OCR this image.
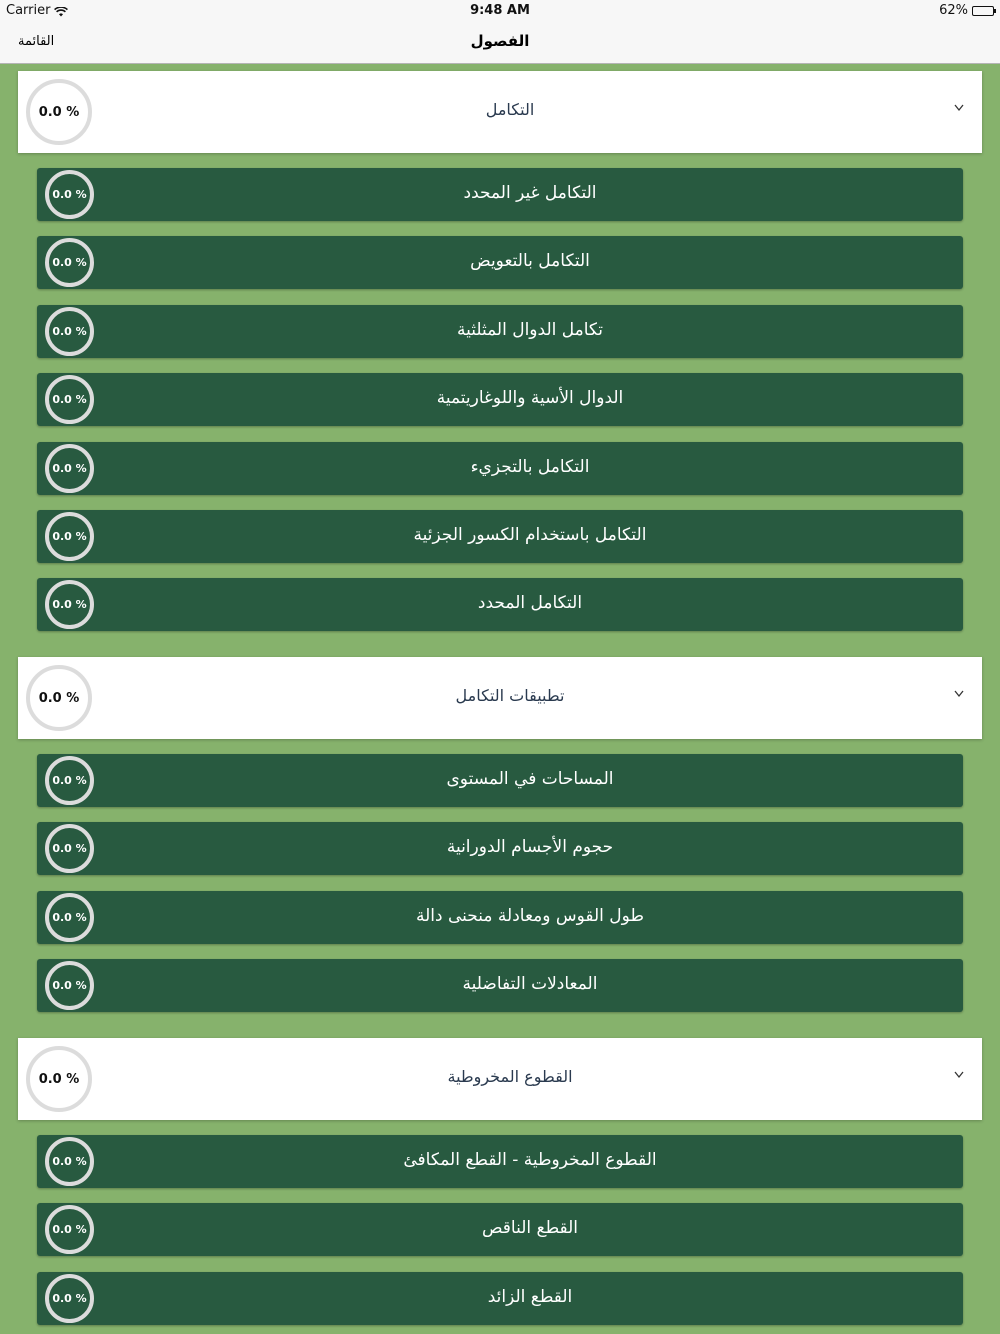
Carrier	9:48 AM	62%
القائمة	الفصول
0.0 %	التكامل
0.0 %	التكامل غير المحدد
0.0 %	التكامل بالتعويض
0.0 %	تكامل الدوال المثلثية
0.0 %	الدوال الأسية واللوغاريتمية
0.0 %	التكامل بالتجزيء
0.0 %	التكامل باستخدام الكسور الجزئية
0.0 %	التكامل المحدد
0.0 %	تطبيقات التكامل
0.0 %	المساحات في المستوى
0.0 %	حجوم الأجسام الدورانية
0.0 %	طول القوس ومعادلة منحنى دالة
0.0 %	المعادلات التفاضلية
0.0 %	القطوع المخروطية
0.0 %	القطوع المخروطية - القطع المكافئ
0.0 %	القطع الناقص
0.0 %	القطع الزائد
